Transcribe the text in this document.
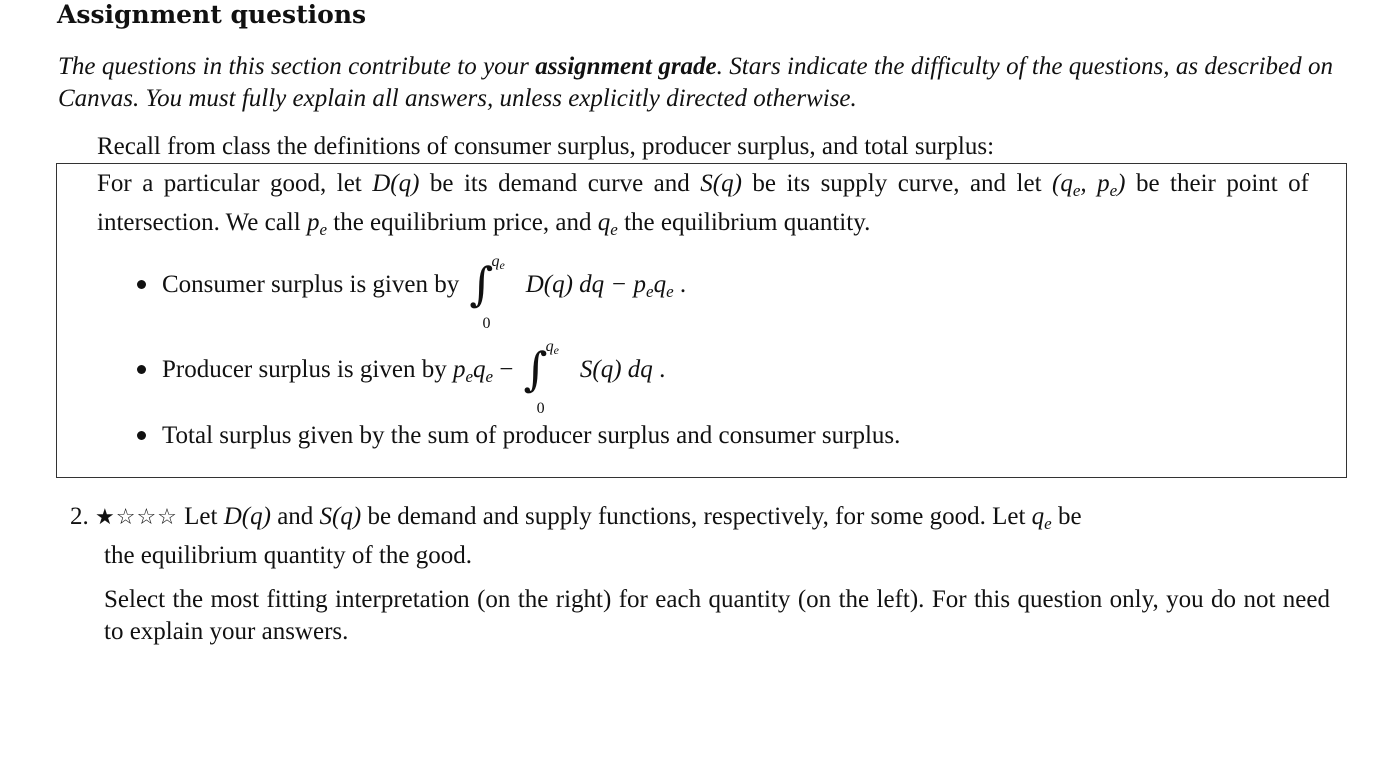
Assignment questions
The questions in this section contribute to your assignment grade. Stars indicate the difficulty of the questions, as described on Canvas. You must fully explain all answers, unless explicitly directed otherwise.
Recall from class the definitions of consumer surplus, producer surplus, and total surplus:
For a particular good, let D(q) be its demand curve and S(q) be its supply curve, and let ($q_e$, $p_e$) be their point of intersection. We call $p_e$ the equilibrium price, and $q_e$ the equilibrium quantity.
Consumer surplus is given by ∫
qe
0
D(q) dq − $p_eq_e$ .
Producer surplus is given by $p_eq_e$ − ∫
qe
0
S(q) dq .
Total surplus given by the sum of producer surplus and consumer surplus.
2. ★☆☆☆ Let D(q) and S(q) be demand and supply functions, respectively, for some good. Let $q_e$ be
the equilibrium quantity of the good.
Select the most fitting interpretation (on the right) for each quantity (on the left). For this question only, you do not need to explain your answers.
